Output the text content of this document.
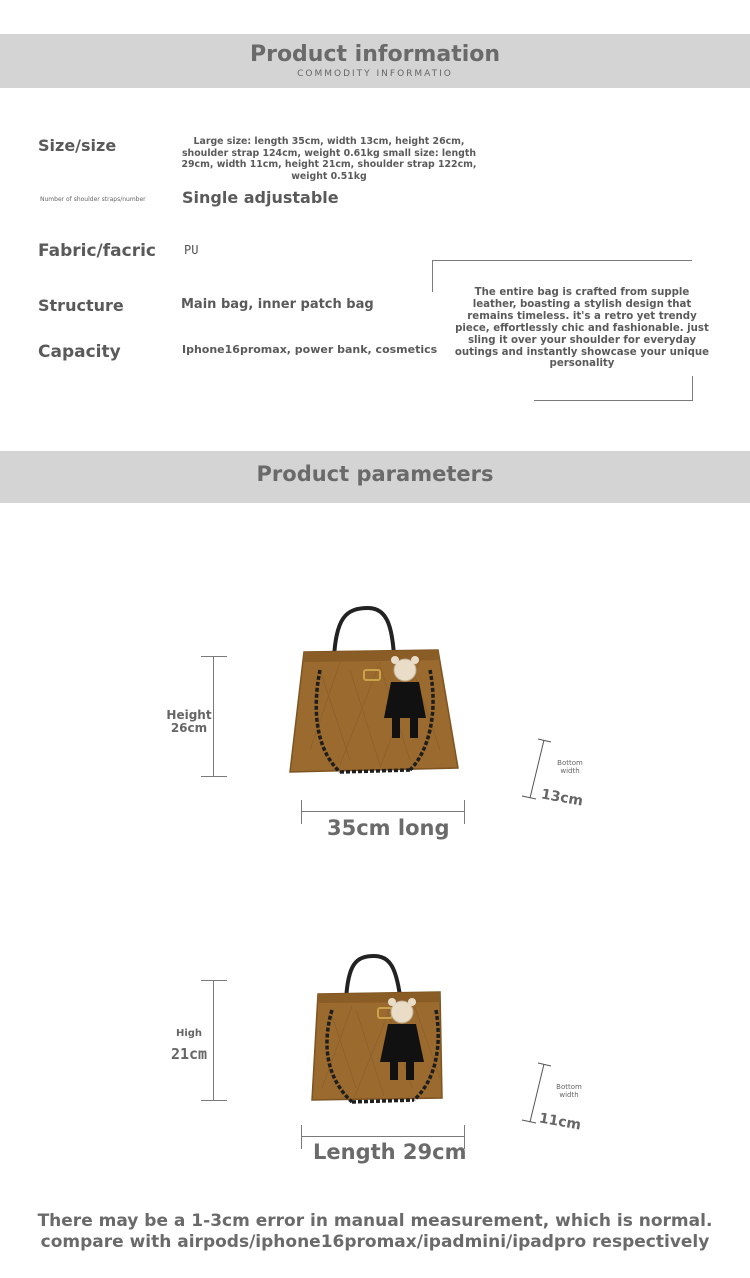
Product information
COMMODITY INFORMATIO
Size/size	Large size: length 35cm, width 13cm, height 26cm, shoulder strap 124cm, weight 0.61kg small size: length 29cm, width 11cm, height 21cm, shoulder strap 122cm, weight 0.51kg
Number of shoulder straps/number Single adjustable
Fabric/facric PU
Structure	Main bag, inner patch bag
Capacity	Iphone16promax, power bank, cosmetics
The entire bag is crafted from supple leather, boasting a stylish design that remains timeless. it's a retro yet trendy piece, effortlessly chic and fashionable. just sling it over your shoulder for everyday outings and instantly showcase your unique personality
Product parameters
Height
26cm
35cm long
Bottom width
13cm
High
21cm
Length 29cm
Bottom width
11cm
There may be a 1-3cm error in manual measurement, which is normal.
compare with airpods/iphone16promax/ipadmini/ipadpro respectively
